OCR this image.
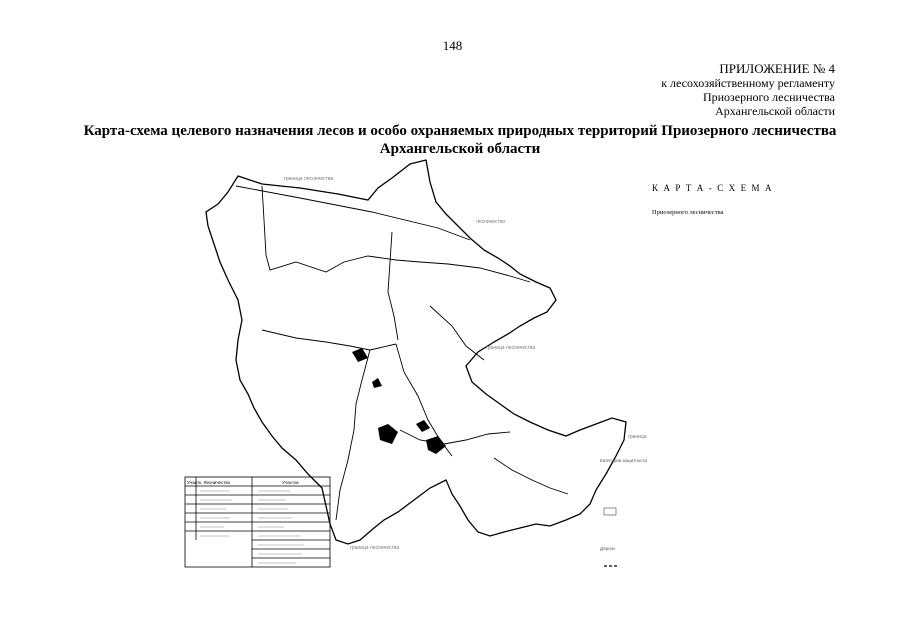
148
ПРИЛОЖЕНИЕ № 4
к лесохозяйственному регламенту
Приозерного лесничества
Архангельской области
Карта-схема целевого назначения лесов и особо охраняемых природных территорий Приозерного лесничества Архангельской области
граница лесничества
лесничество
граница лесничества
граница лесничества
граница
К А Р Т А - С Х Е М А
Приозерного лесничества
Категории защитности
Дороги
Участк. Лесничество	Участок
